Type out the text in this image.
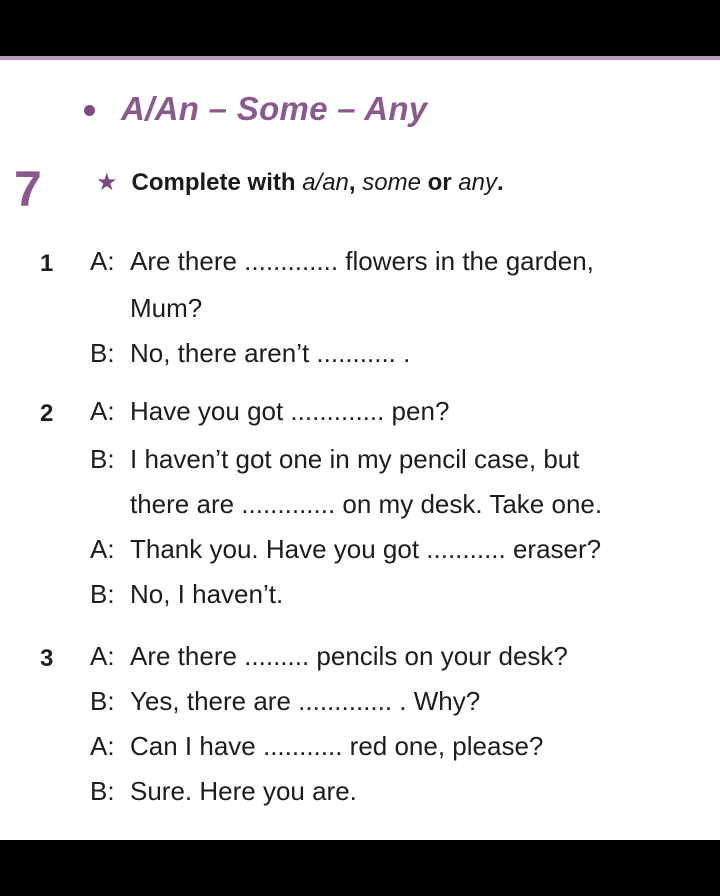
A/An – Some – Any
7 ★ Complete with a/an, some or any.
1 A: Are there ............. flowers in the garden,
Mum?
B: No, there aren’t ........... .
2 A: Have you got ............. pen?
B: I haven’t got one in my pencil case, but
there are ............. on my desk. Take one.
A: Thank you. Have you got ........... eraser?
B: No, I haven’t.
3 A: Are there ......... pencils on your desk?
B: Yes, there are ............. . Why?
A: Can I have ........... red one, please?
B: Sure. Here you are.
